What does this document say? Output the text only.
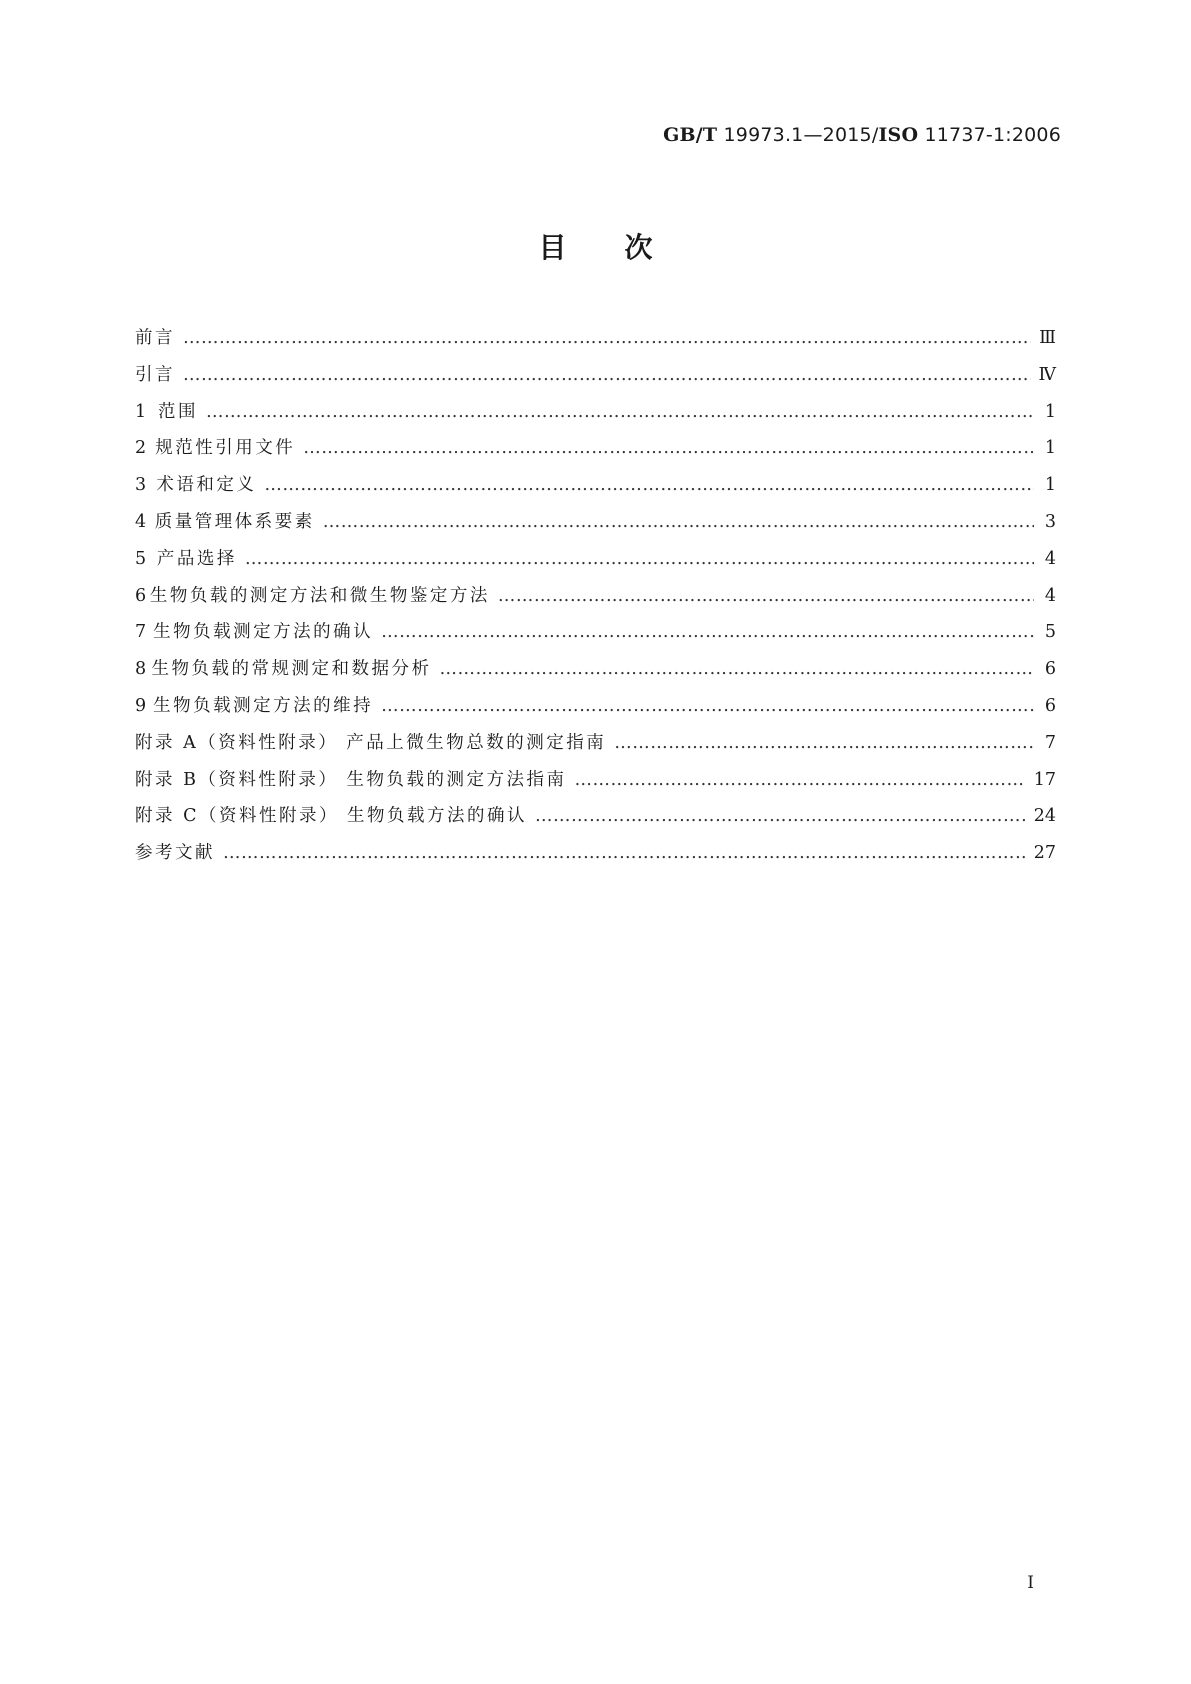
GB/T 19973.1—2015/ISO 11737-1:2006
目次
前言 …………………………………………………………………………………………………………………………………………………………………………	Ⅲ
引言 …………………………………………………………………………………………………………………………………………………………………………	Ⅳ
1 范围 …………………………………………………………………………………………………………………………………………………………………………	1
2 规范性引用文件 …………………………………………………………………………………………………………………………………………………………………………	1
3 术语和定义 …………………………………………………………………………………………………………………………………………………………………………	1
4 质量管理体系要素 …………………………………………………………………………………………………………………………………………………………………………	3
5 产品选择 …………………………………………………………………………………………………………………………………………………………………………	4
6 生物负载的测定方法和微生物鉴定方法 …………………………………………………………………………………………………………………………………………………………………………	4
7 生物负载测定方法的确认 …………………………………………………………………………………………………………………………………………………………………………	5
8 生物负载的常规测定和数据分析 …………………………………………………………………………………………………………………………………………………………………………	6
9 生物负载测定方法的维持 …………………………………………………………………………………………………………………………………………………………………………	6
附录 A（资料性附录） 产品上微生物总数的测定指南 …………………………………………………………………………………………………………………………………………………………………………	7
附录 B（资料性附录） 生物负载的测定方法指南 …………………………………………………………………………………………………………………………………………………………………………	17
附录 C（资料性附录） 生物负载方法的确认 …………………………………………………………………………………………………………………………………………………………………………	24
参考文献 …………………………………………………………………………………………………………………………………………………………………………	27
I
